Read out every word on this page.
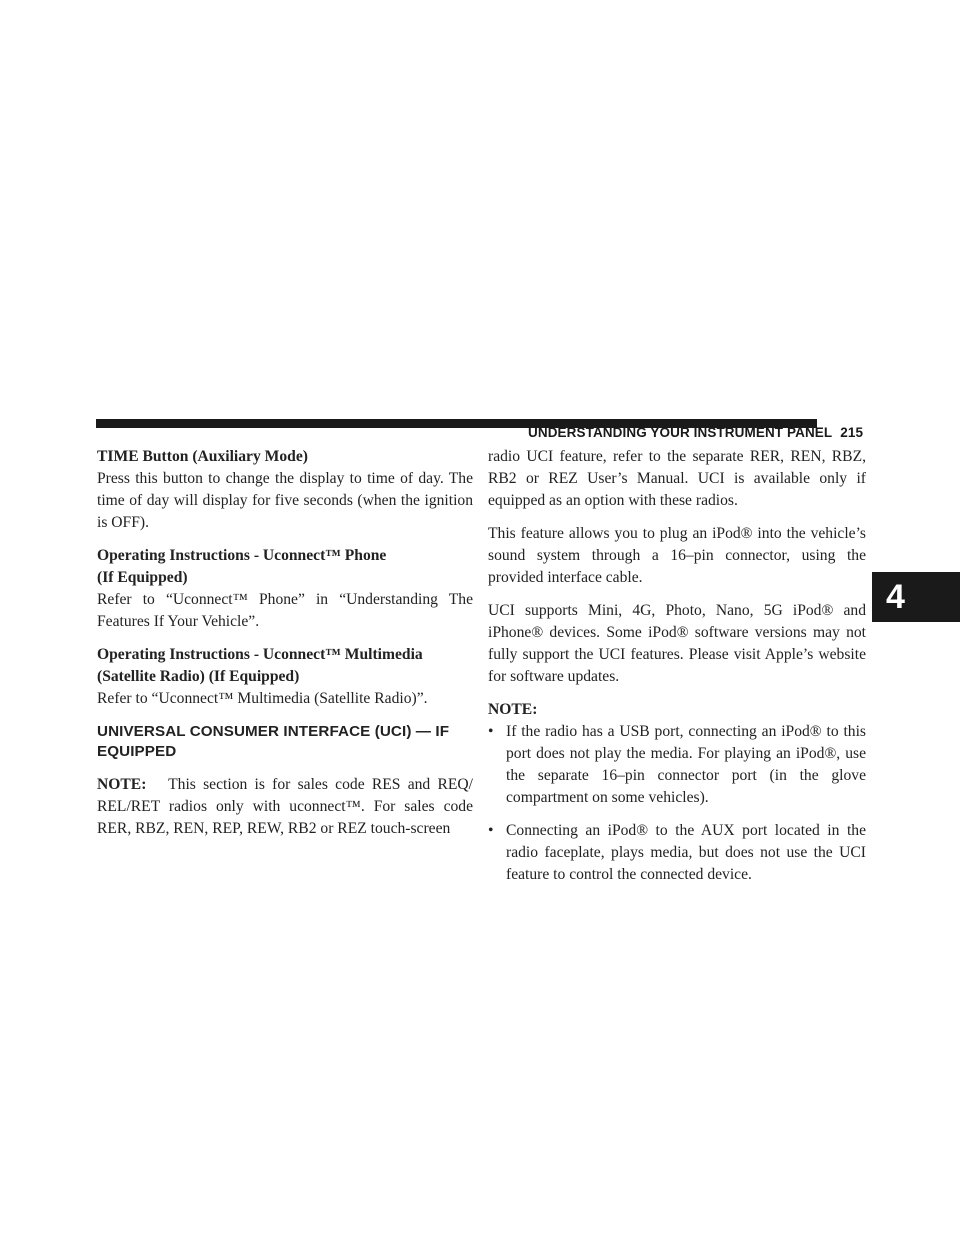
UNDERSTANDING YOUR INSTRUMENT PANEL 215
4

TIME Button (Auxiliary Mode)

Press this button to change the display to time of day. The time of day will display for five seconds (when the ignition is OFF).

Operating Instructions - Uconnect™ Phone

(If Equipped)

Refer to “Uconnect™ Phone” in “Understanding The Features If Your Vehicle”.

Operating Instructions - Uconnect™ Multimedia

(Satellite Radio) (If Equipped)

Refer to “Uconnect™ Multimedia (Satellite Radio)”.

UNIVERSAL CONSUMER INTERFACE (UCI) — IF EQUIPPED

NOTE: This section is for sales code RES and REQ/ REL/RET radios only with uconnect™. For sales code RER, RBZ, REN, REP, REW, RB2 or REZ touch-screen

radio UCI feature, refer to the separate RER, REN, RBZ, RB2 or REZ User’s Manual. UCI is available only if equipped as an option with these radios.

This feature allows you to plug an iPod® into the vehicle’s sound system through a 16–pin connector, using the provided interface cable.

UCI supports Mini, 4G, Photo, Nano, 5G iPod® and iPhone® devices. Some iPod® software versions may not fully support the UCI features. Please visit Apple’s website for software updates.

NOTE:

• If the radio has a USB port, connecting an iPod® to this port does not play the media. For playing an iPod®, use the separate 16–pin connector port (in the glove compartment on some vehicles).
• Connecting an iPod® to the AUX port located in the radio faceplate, plays media, but does not use the UCI feature to control the connected device.
